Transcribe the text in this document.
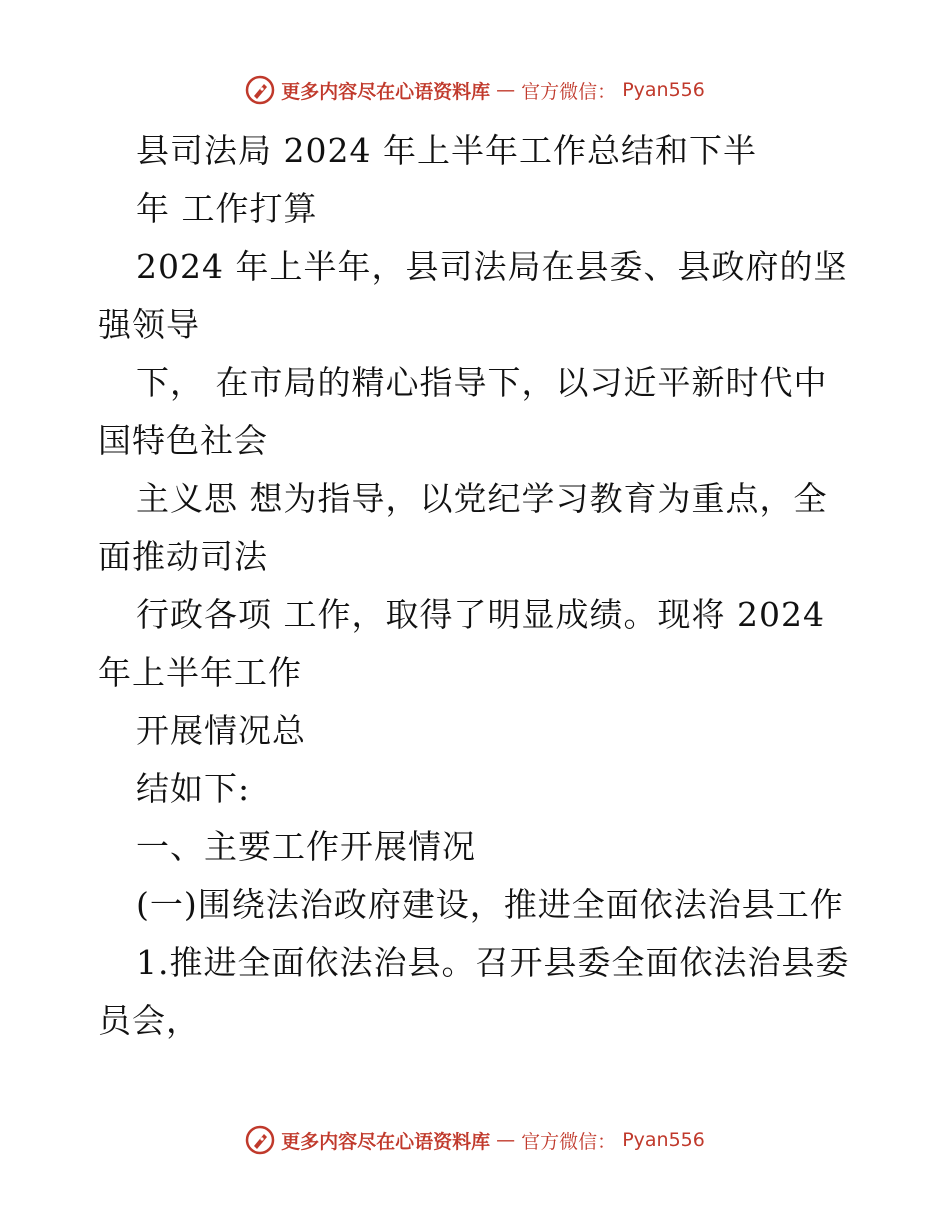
更多内容尽在心语资料库 — 官方微信： Pyan556
县司法局 2024 年上半年工作总结和下半
年 工作打算
2024 年上半年，县司法局在县委、县政府的坚
强领导
下， 在市局的精心指导下，以习近平新时代中
国特色社会
主义思 想为指导，以党纪学习教育为重点，全
面推动司法
行政各项 工作，取得了明显成绩。现将 2024
年上半年工作
开展情况总
结如下:
一、主要工作开展情况
(一)围绕法治政府建设，推进全面依法治县工作
1.推进全面依法治县。召开县委全面依法治县委
员会，
更多内容尽在心语资料库 — 官方微信： Pyan556
